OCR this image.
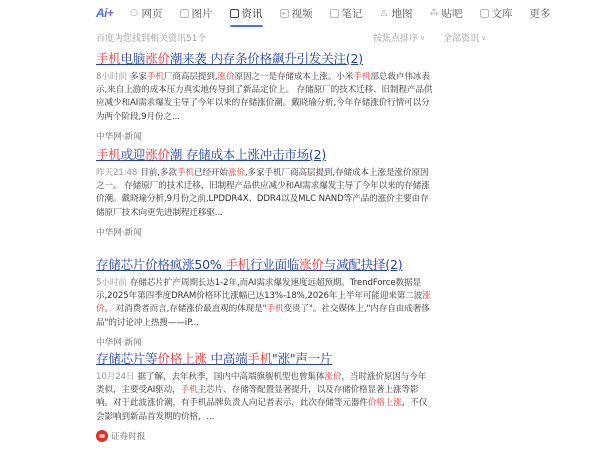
Ai+ ○ 网页	图片	资讯	▸ 视频	笔记 ◬ 地图 ⁂ 贴吧	文库 更多
百度为您找到相关资讯51个	按焦点排序 ∨ 全部资讯 ∨
手机电脑涨价潮来袭 内存条价格飙升引发关注(2)
8小时前 多家手机厂商高层提到,涨价原因之一是存储成本上涨。小米手机部总裁卢伟冰表示,来自上游的成本压力真实地传导到了新品定价上。 存储原厂的技术迁移、旧制程产品供应减少和AI需求爆发主导了今年以来的存储涨价潮。戴晓瑜分析,今年存储涨价行情可以分为两个阶段,9月份之...
中华网·新闻
手机或迎涨价潮 存储成本上涨冲击市场(2)
昨天21:48 目前,多款手机已经开始涨价,多家手机厂商高层提到,存储成本上涨是涨价原因之一。 存储原厂的技术迁移、旧制程产品供应减少和AI需求爆发主导了今年以来的存储涨价潮。戴晓瑜分析,9月份之前,LPDDR4X、DDR4以及MLC NAND等产品的涨价主要由存储原厂技术向更先进制程迁移驱...
中华网·新闻
存储芯片价格疯涨50% 手机行业面临涨价与减配抉择(2)
5小时前 存储芯片扩产周期长达1-2年,而AI需求爆发速度远超预期。TrendForce数据显示,2025年第四季度DRAM价格环比涨幅已达13%-18%,2026年上半年可能迎来第二波涨价。 对消费者而言,存储涨价最直观的体现是"手机变贵了"。社交媒体上,"内存自由成奢侈品"的讨论冲上热搜——iP...
中华网·新闻
存储芯片等价格上涨 中高端手机"涨"声一片
10月24日 据了解，去年秋季，国内中高端旗舰机型也曾集体涨价，当时涨价原因与今年类似，主要受AI驱动，手机主芯片、存储等配置显著提升，以及存储价格显著上涨等影响。对于此波涨价潮，有手机品牌负责人向记者表示，此次存储等元器件价格上涨，不仅会影响到新品首发期的价格，...
证券时报
